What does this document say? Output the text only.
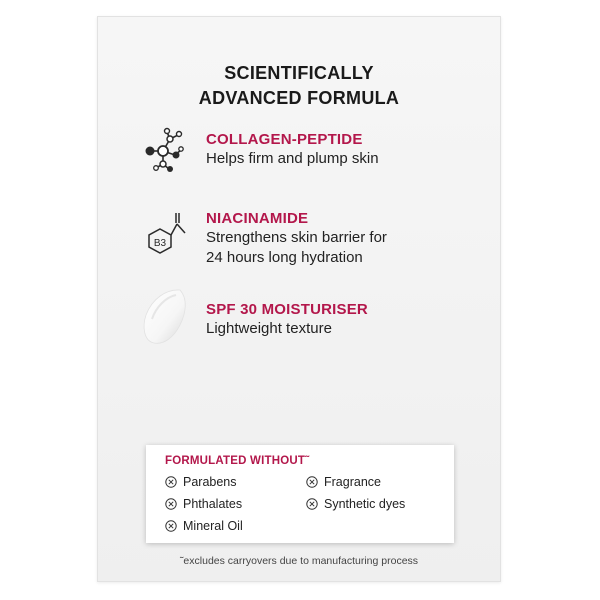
SCIENTIFICALLY
ADVANCED FORMULA
COLLAGEN-PEPTIDE
Helps firm and plump skin
B3
NIACINAMIDE
Strengthens skin barrier for
24 hours long hydration
SPF 30 MOISTURISER
Lightweight texture
FORMULATED WITHOUT˜
Parabens
Phthalates
Mineral Oil
Fragrance
Synthetic dyes
˜excludes carryovers due to manufacturing process
